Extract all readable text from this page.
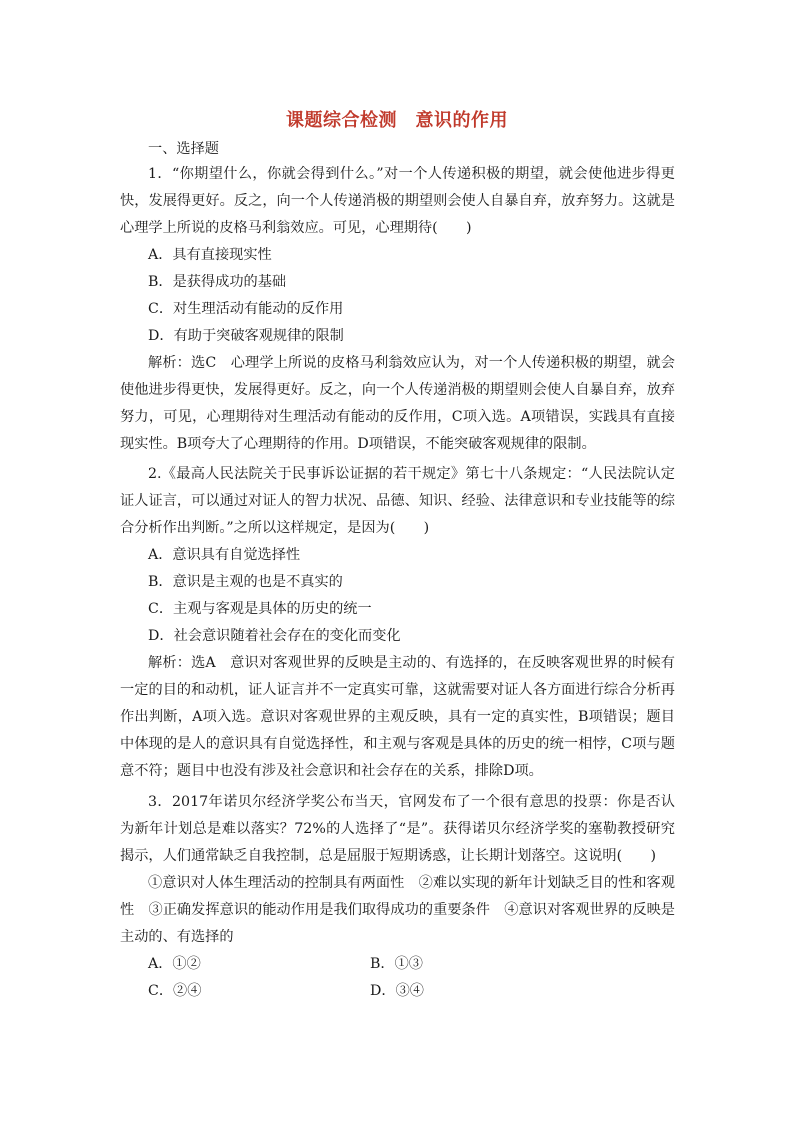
课题综合检测　意识的作用
一、选择题
1．“你期望什么，你就会得到什么。”对一个人传递积极的期望，就会使他进步得更快，发展得更好。反之，向一个人传递消极的期望则会使人自暴自弃，放弃努力。这就是心理学上所说的皮格马利翁效应。可见，心理期待(　　)
A．具有直接现实性
B．是获得成功的基础
C．对生理活动有能动的反作用
D．有助于突破客观规律的限制
解析：选C　心理学上所说的皮格马利翁效应认为，对一个人传递积极的期望，就会使他进步得更快，发展得更好。反之，向一个人传递消极的期望则会使人自暴自弃，放弃努力，可见，心理期待对生理活动有能动的反作用，C项入选。A项错误，实践具有直接现实性。B项夸大了心理期待的作用。D项错误，不能突破客观规律的限制。
2.《最高人民法院关于民事诉讼证据的若干规定》第七十八条规定：“人民法院认定证人证言，可以通过对证人的智力状况、品德、知识、经验、法律意识和专业技能等的综合分析作出判断。”之所以这样规定，是因为(　　)
A．意识具有自觉选择性
B．意识是主观的也是不真实的
C．主观与客观是具体的历史的统一
D．社会意识随着社会存在的变化而变化
解析：选A　意识对客观世界的反映是主动的、有选择的，在反映客观世界的时候有一定的目的和动机，证人证言并不一定真实可靠，这就需要对证人各方面进行综合分析再作出判断，A项入选。意识对客观世界的主观反映，具有一定的真实性，B项错误；题目中体现的是人的意识具有自觉选择性，和主观与客观是具体的历史的统一相悖，C项与题意不符；题目中也没有涉及社会意识和社会存在的关系，排除D项。
3．2017年诺贝尔经济学奖公布当天，官网发布了一个很有意思的投票：你是否认为新年计划总是难以落实？72%的人选择了“是”。获得诺贝尔经济学奖的塞勒教授研究揭示，人们通常缺乏自我控制，总是屈服于短期诱惑，让长期计划落空。这说明(　　)
①意识对人体生理活动的控制具有两面性　②难以实现的新年计划缺乏目的性和客观性　③正确发挥意识的能动作用是我们取得成功的重要条件　④意识对客观世界的反映是主动的、有选择的
A．①②	B．①③
C．②④	D．③④
